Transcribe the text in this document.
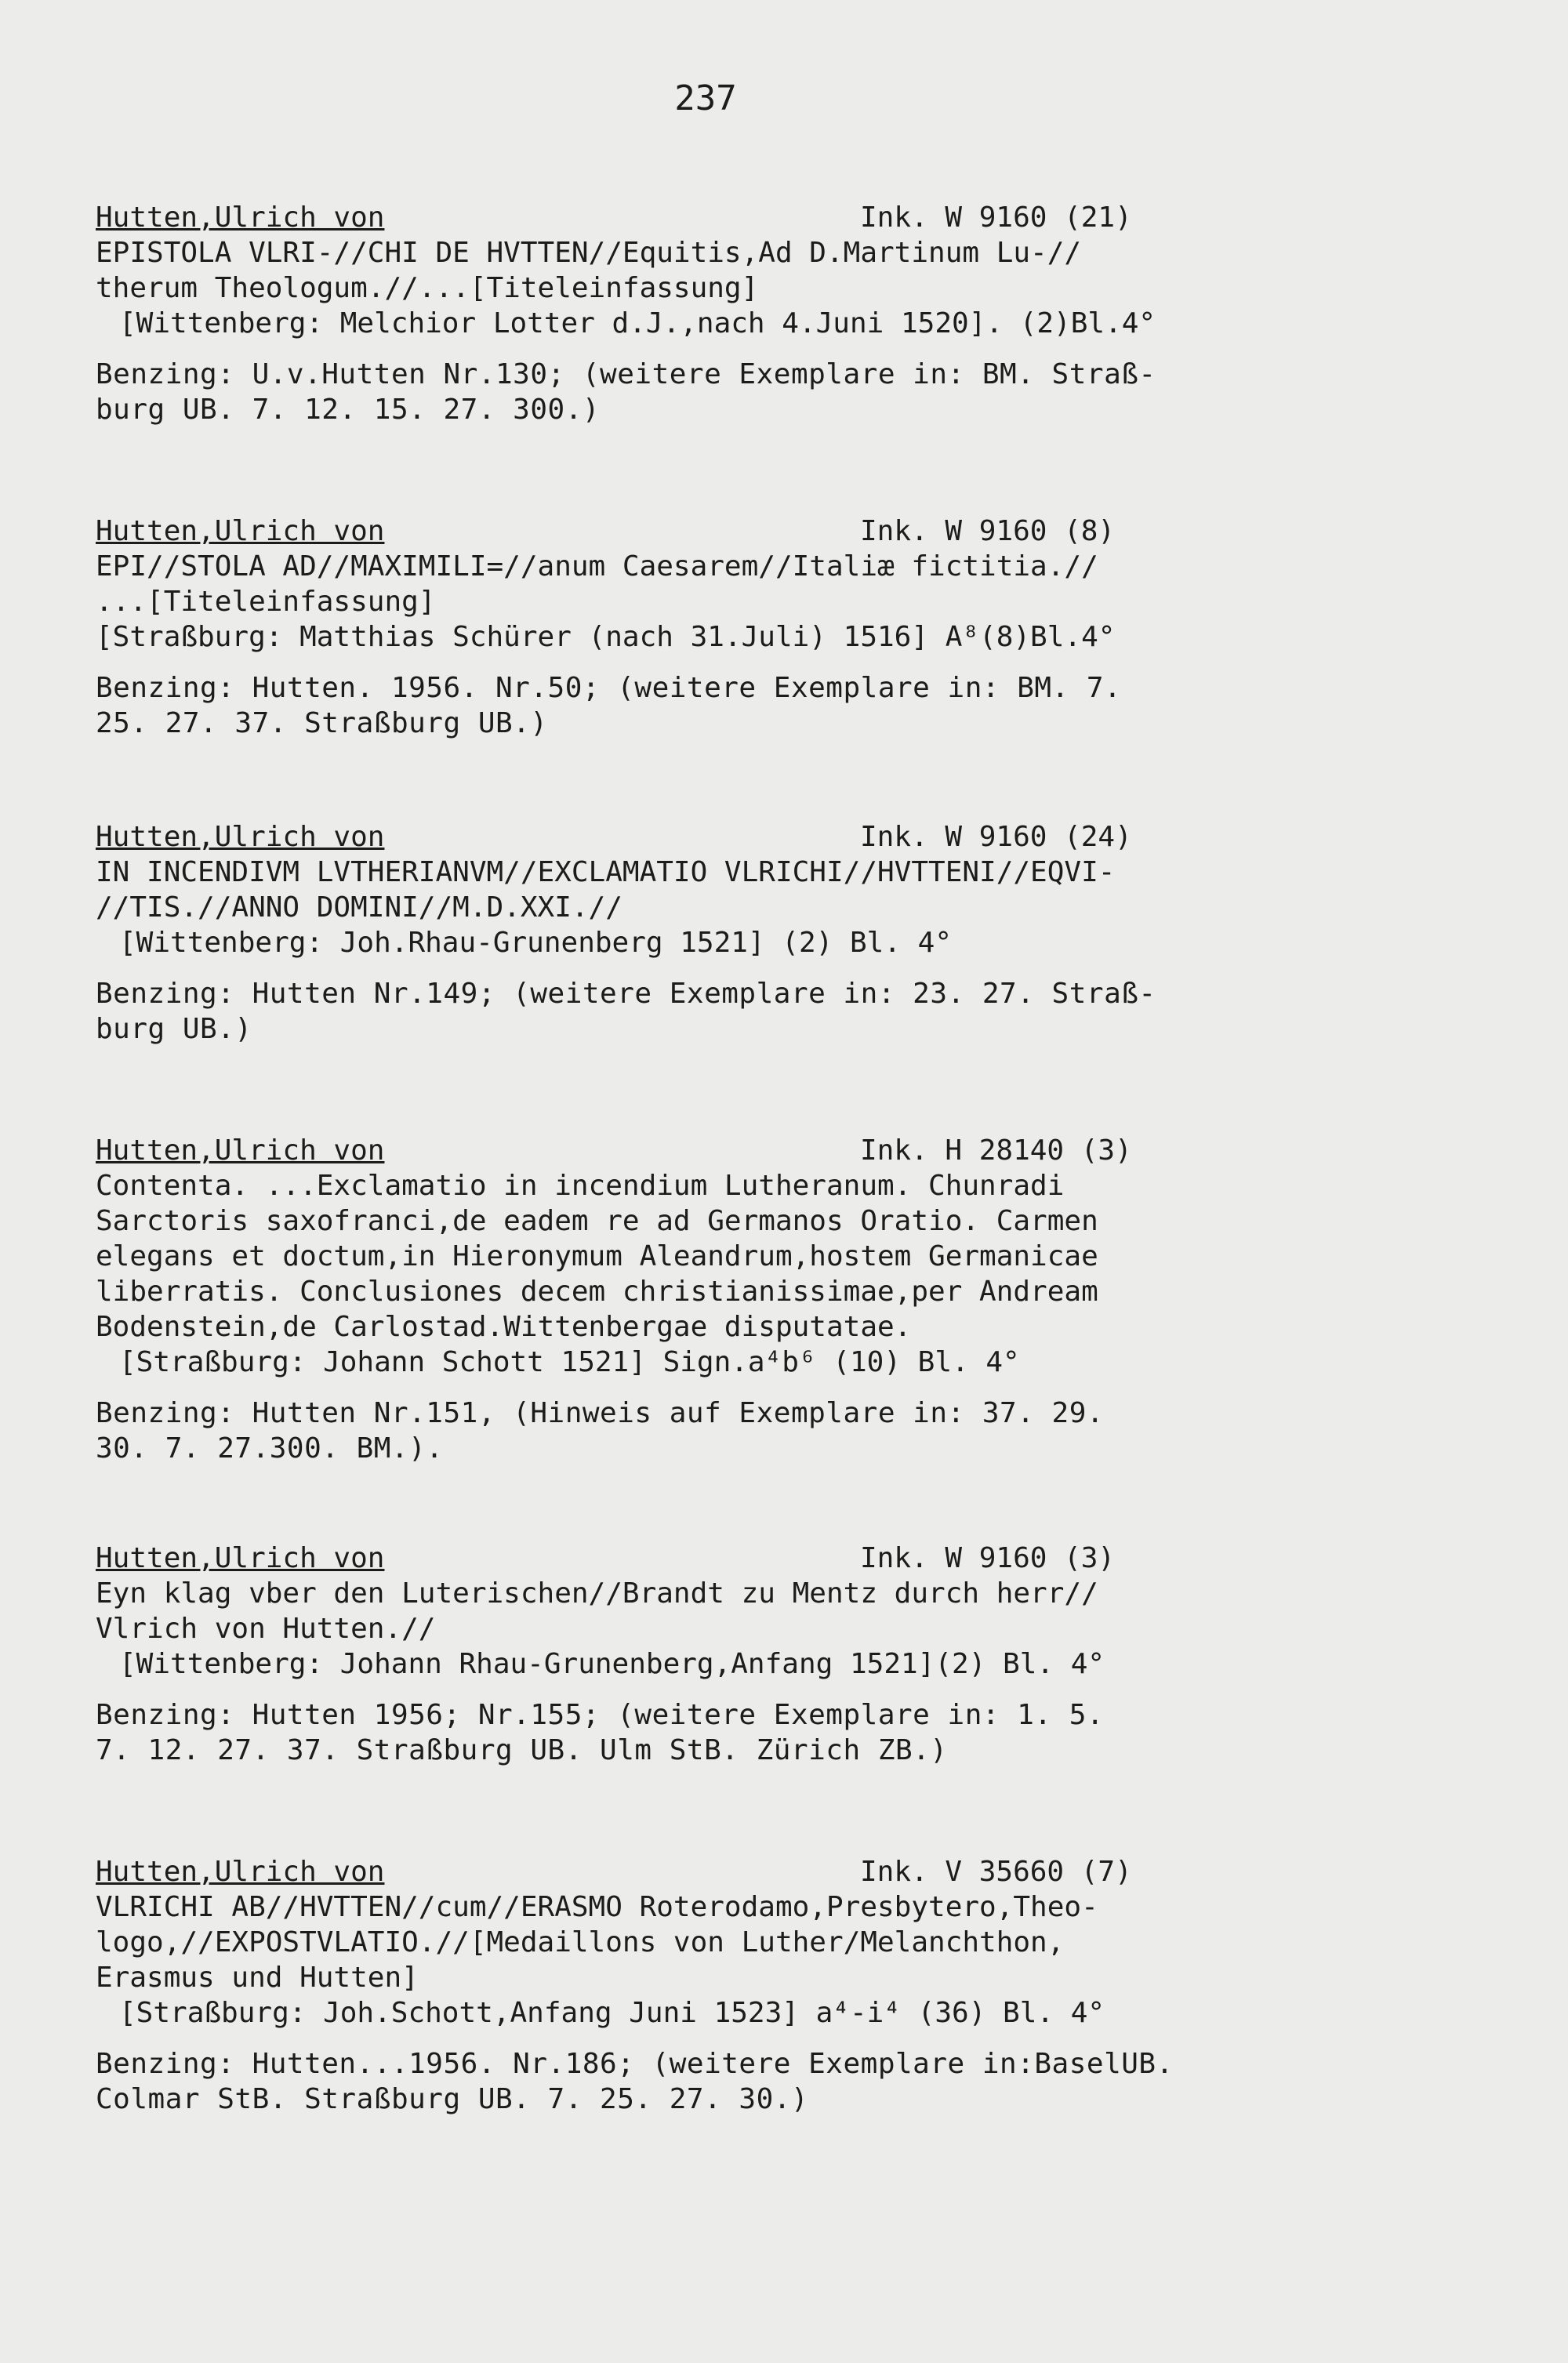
237
Hutten,Ulrich von	Ink. W 9160 (21)
EPISTOLA VLRI-//CHI DE HVTTEN//Equitis,Ad D.Martinum Lu-//
therum Theologum.//...[Titeleinfassung]
[Wittenberg: Melchior Lotter d.J.,nach 4.Juni 1520]. (2)Bl.4°
Benzing: U.v.Hutten Nr.130; (weitere Exemplare in: BM. Straß-
burg UB. 7. 12. 15. 27. 300.)
Hutten,Ulrich von	Ink. W 9160 (8)
EPI//STOLA AD//MAXIMILI=//anum Caesarem//Italiæ fictitia.//
...[Titeleinfassung]
[Straßburg: Matthias Schürer (nach 31.Juli) 1516] A⁸(8)Bl.4°
Benzing: Hutten. 1956. Nr.50; (weitere Exemplare in: BM. 7.
25. 27. 37. Straßburg UB.)
Hutten,Ulrich von	Ink. W 9160 (24)
IN INCENDIVM LVTHERIANVM//EXCLAMATIO VLRICHI//HVTTENI//EQVI-
//TIS.//ANNO DOMINI//M.D.XXI.//
[Wittenberg: Joh.Rhau-Grunenberg 1521] (2) Bl. 4°
Benzing: Hutten Nr.149; (weitere Exemplare in: 23. 27. Straß-
burg UB.)
Hutten,Ulrich von	Ink. H 28140 (3)
Contenta. ...Exclamatio in incendium Lutheranum. Chunradi
Sarctoris saxofranci,de eadem re ad Germanos Oratio. Carmen
elegans et doctum,in Hieronymum Aleandrum,hostem Germanicae
liberratis. Conclusiones decem christianissimae,per Andream
Bodenstein,de Carlostad.Wittenbergae disputatae.
[Straßburg: Johann Schott 1521] Sign.a⁴b⁶ (10) Bl. 4°
Benzing: Hutten Nr.151, (Hinweis auf Exemplare in: 37. 29.
30. 7. 27.300. BM.).
Hutten,Ulrich von	Ink. W 9160 (3)
Eyn klag vber den Luterischen//Brandt zu Mentz durch herr//
Vlrich von Hutten.//
[Wittenberg: Johann Rhau-Grunenberg,Anfang 1521](2) Bl. 4°
Benzing: Hutten 1956; Nr.155; (weitere Exemplare in: 1. 5.
7. 12. 27. 37. Straßburg UB. Ulm StB. Zürich ZB.)
Hutten,Ulrich von	Ink. V 35660 (7)
VLRICHI AB//HVTTEN//cum//ERASMO Roterodamo,Presbytero,Theo-
logo,//EXPOSTVLATIO.//[Medaillons von Luther/Melanchthon,
Erasmus und Hutten]
[Straßburg: Joh.Schott,Anfang Juni 1523] a⁴-i⁴ (36) Bl. 4°
Benzing: Hutten...1956. Nr.186; (weitere Exemplare in:BaselUB.
Colmar StB. Straßburg UB. 7. 25. 27. 30.)
